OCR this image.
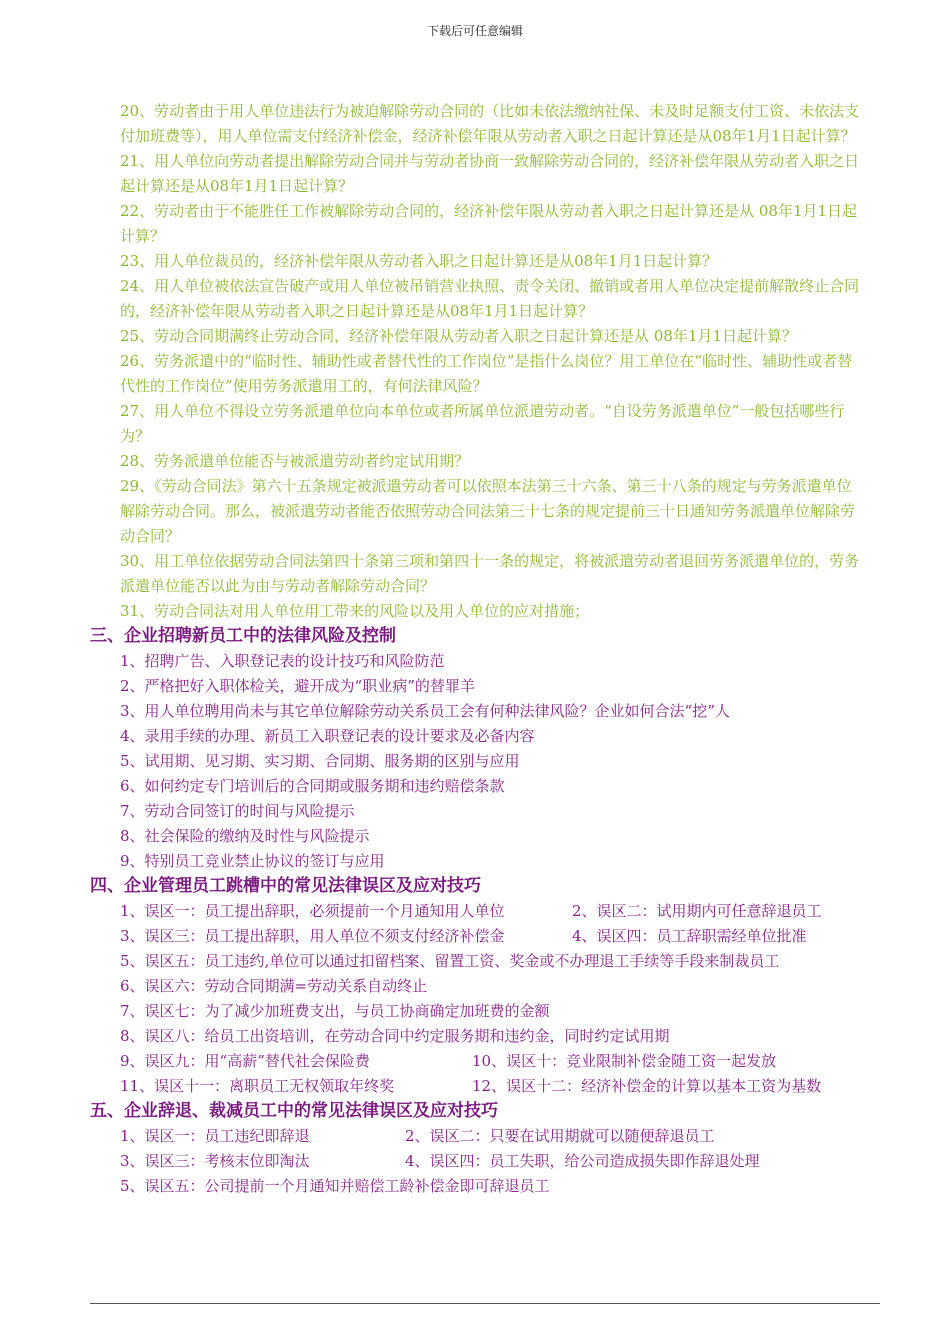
下载后可任意编辑
20、劳动者由于用人单位违法行为被迫解除劳动合同的（比如未依法缴纳社保、未及时足额支付工资、未依法支付加班费等），用人单位需支付经济补偿金，经济补偿年限从劳动者入职之日起计算还是从08年1月1日起计算？
21、用人单位向劳动者提出解除劳动合同并与劳动者协商一致解除劳动合同的，经济补偿年限从劳动者入职之日起计算还是从08年1月1日起计算？
22、劳动者由于不能胜任工作被解除劳动合同的，经济补偿年限从劳动者入职之日起计算还是从 08年1月1日起计算？
23、用人单位裁员的，经济补偿年限从劳动者入职之日起计算还是从08年1月1日起计算？
24、用人单位被依法宣告破产或用人单位被吊销营业执照、责令关闭、撤销或者用人单位决定提前解散终止合同的，经济补偿年限从劳动者入职之日起计算还是从08年1月1日起计算？
25、劳动合同期满终止劳动合同，经济补偿年限从劳动者入职之日起计算还是从 08年1月1日起计算？
26、劳务派遣中的“临时性、辅助性或者替代性的工作岗位”是指什么岗位？用工单位在“临时性、辅助性或者替代性的工作岗位”使用劳务派遣用工的，有何法律风险？
27、用人单位不得设立劳务派遣单位向本单位或者所属单位派遣劳动者。“自设劳务派遣单位”一般包括哪些行为？
28、劳务派遣单位能否与被派遣劳动者约定试用期？
29、《劳动合同法》第六十五条规定被派遣劳动者可以依照本法第三十六条、第三十八条的规定与劳务派遣单位解除劳动合同。那么，被派遣劳动者能否依照劳动合同法第三十七条的规定提前三十日通知劳务派遣单位解除劳动合同？
30、用工单位依据劳动合同法第四十条第三项和第四十一条的规定，将被派遣劳动者退回劳务派遣单位的，劳务派遣单位能否以此为由与劳动者解除劳动合同？
31、劳动合同法对用人单位用工带来的风险以及用人单位的应对措施；
三、企业招聘新员工中的法律风险及控制
1、招聘广告、入职登记表的设计技巧和风险防范
2、严格把好入职体检关，避开成为“职业病”的替罪羊
3、用人单位聘用尚未与其它单位解除劳动关系员工会有何种法律风险？企业如何合法“挖”人
4、录用手续的办理、新员工入职登记表的设计要求及必备内容
5、试用期、见习期、实习期、合同期、服务期的区别与应用
6、如何约定专门培训后的合同期或服务期和违约赔偿条款
7、劳动合同签订的时间与风险提示
8、社会保险的缴纳及时性与风险提示
9、特别员工竞业禁止协议的签订与应用
四、企业管理员工跳槽中的常见法律误区及应对技巧
1、误区一：员工提出辞职，必须提前一个月通知用人单位	2、误区二：试用期内可任意辞退员工
3、误区三：员工提出辞职，用人单位不须支付经济补偿金	4、误区四：员工辞职需经单位批准
5、误区五：员工违约,单位可以通过扣留档案、留置工资、奖金或不办理退工手续等手段来制裁员工
6、误区六：劳动合同期满=劳动关系自动终止
7、误区七：为了减少加班费支出，与员工协商确定加班费的金额
8、误区八：给员工出资培训，在劳动合同中约定服务期和违约金，同时约定试用期
9、误区九：用“高薪”替代社会保险费	10、误区十：竞业限制补偿金随工资一起发放
11、误区十一：离职员工无权领取年终奖	12、误区十二：经济补偿金的计算以基本工资为基数
五、企业辞退、裁减员工中的常见法律误区及应对技巧
1、误区一：员工违纪即辞退	2、误区二：只要在试用期就可以随便辞退员工
3、误区三：考核末位即淘汰	4、误区四：员工失职，给公司造成损失即作辞退处理
5、误区五：公司提前一个月通知并赔偿工龄补偿金即可辞退员工
